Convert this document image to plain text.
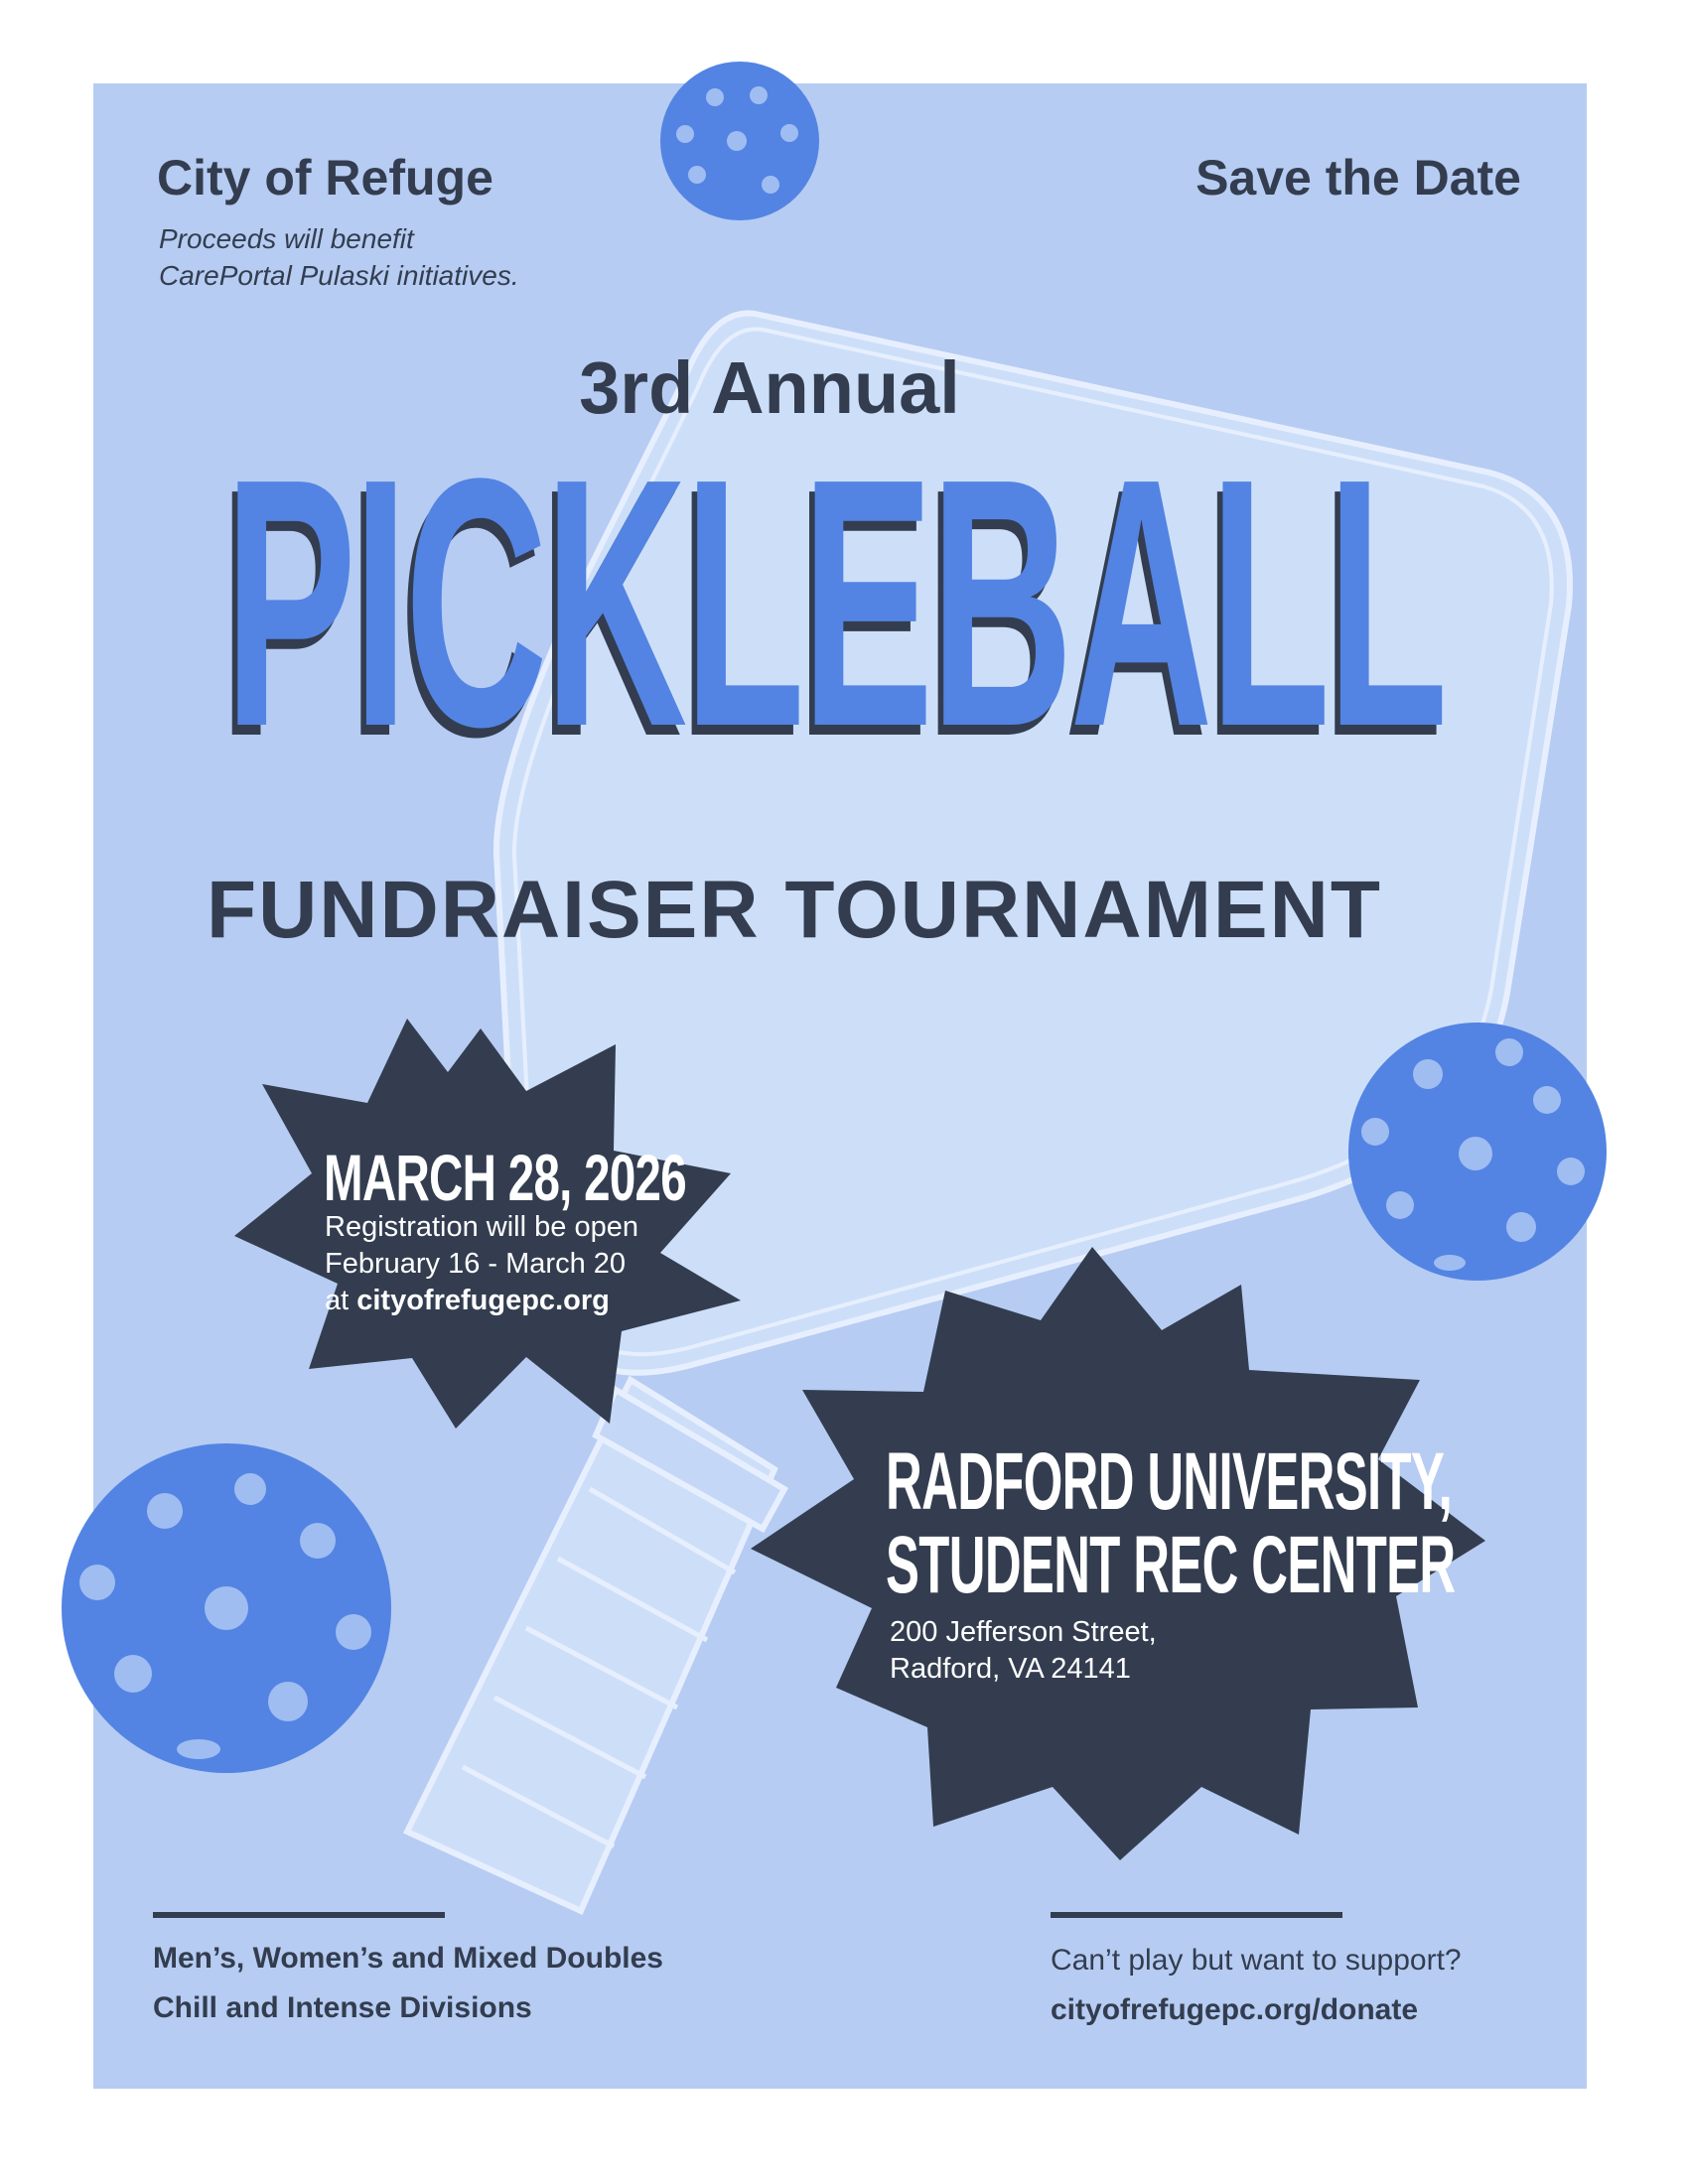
City of Refuge
Proceeds will benefit
CarePortal Pulaski initiatives.
Save the Date
3rd Annual
PICKLEBALL
FUNDRAISER TOURNAMENT
MARCH 28, 2026
Registration will be open
February 16 - March 20
at cityofrefugepc.org
RADFORD UNIVERSITY,
STUDENT REC CENTER
200 Jefferson Street,
Radford, VA 24141
Men’s, Women’s and Mixed Doubles
Chill and Intense Divisions
Can’t play but want to support?
cityofrefugepc.org/donate
